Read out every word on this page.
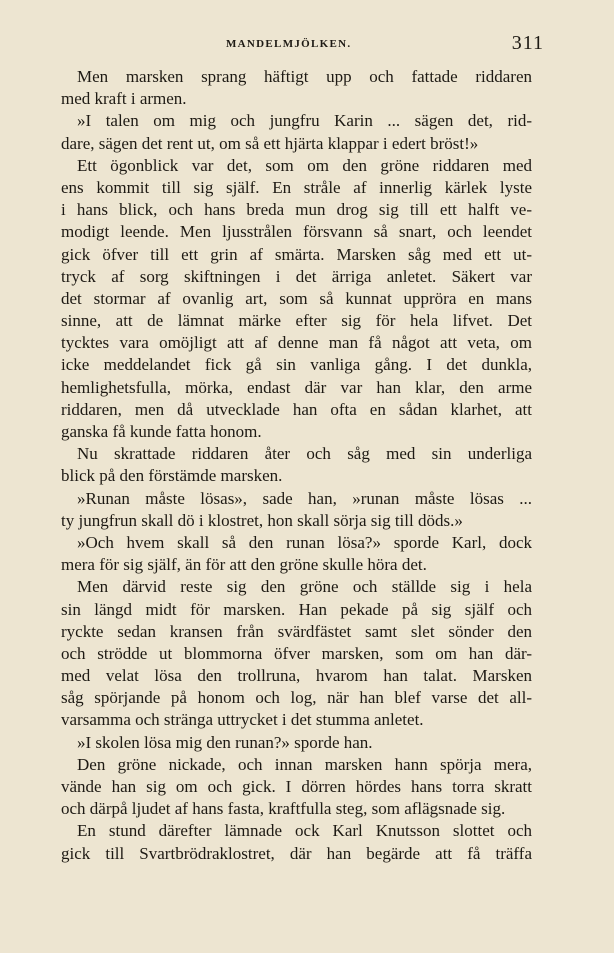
MANDELMJÖLKEN.	311
Men marsken sprang häftigt upp och fattade riddaren
med kraft i armen.
»I talen om mig och jungfru Karin ... sägen det, rid-
dare, sägen det rent ut, om så ett hjärta klappar i edert bröst!»
Ett ögonblick var det, som om den gröne riddaren med
ens kommit till sig själf. En stråle af innerlig kärlek lyste
i hans blick, och hans breda mun drog sig till ett halft ve-
modigt leende. Men ljusstrålen försvann så snart, och leendet
gick öfver till ett grin af smärta. Marsken såg med ett ut-
tryck af sorg skiftningen i det ärriga anletet. Säkert var
det stormar af ovanlig art, som så kunnat uppröra en mans
sinne, att de lämnat märke efter sig för hela lifvet. Det
tycktes vara omöjligt att af denne man få något att veta, om
icke meddelandet fick gå sin vanliga gång. I det dunkla,
hemlighetsfulla, mörka, endast där var han klar, den arme
riddaren, men då utvecklade han ofta en sådan klarhet, att
ganska få kunde fatta honom.
Nu skrattade riddaren åter och såg med sin underliga
blick på den förstämde marsken.
»Runan måste lösas», sade han, »runan måste lösas ...
ty jungfrun skall dö i klostret, hon skall sörja sig till döds.»
»Och hvem skall så den runan lösa?» sporde Karl, dock
mera för sig själf, än för att den gröne skulle höra det.
Men därvid reste sig den gröne och ställde sig i hela
sin längd midt för marsken. Han pekade på sig själf och
ryckte sedan kransen från svärdfästet samt slet sönder den
och strödde ut blommorna öfver marsken, som om han där-
med velat lösa den trollruna, hvarom han talat. Marsken
såg spörjande på honom och log, när han blef varse det all-
varsamma och stränga uttrycket i det stumma anletet.
»I skolen lösa mig den runan?» sporde han.
Den gröne nickade, och innan marsken hann spörja mera,
vände han sig om och gick. I dörren hördes hans torra skratt
och därpå ljudet af hans fasta, kraftfulla steg, som aflägsnade sig.
En stund därefter lämnade ock Karl Knutsson slottet och
gick till Svartbrödraklostret, där han begärde att få träffa
